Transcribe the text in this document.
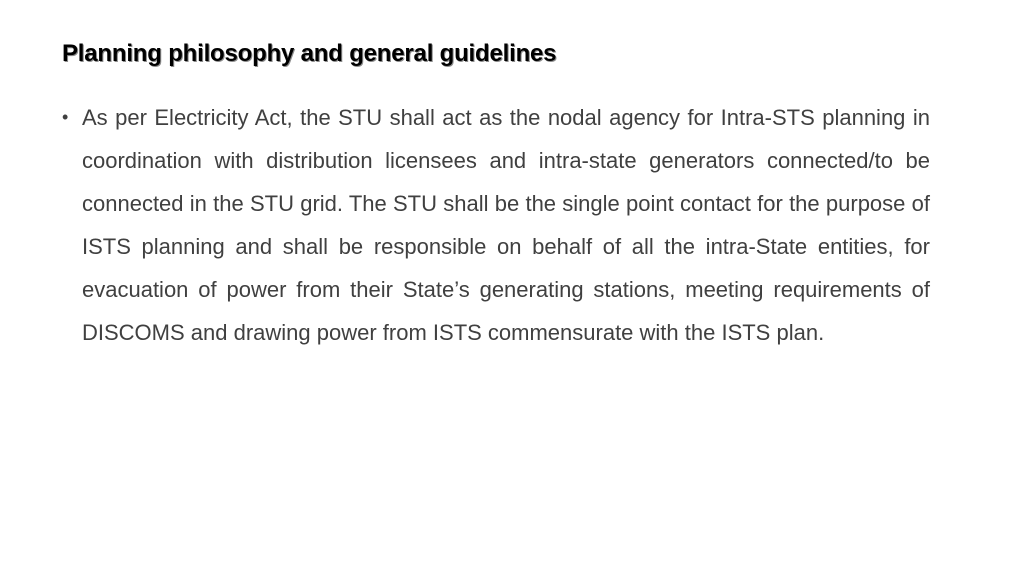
Planning philosophy and general guidelines
• As per Electricity Act, the STU shall act as the nodal agency for Intra-STS planning in coordination with distribution licensees and intra-state generators connected/to be connected in the STU grid. The STU shall be the single point contact for the purpose of ISTS planning and shall be responsible on behalf of all the intra-State entities, for evacuation of power from their State’s generating stations, meeting requirements of DISCOMS and drawing power from ISTS commensurate with the ISTS plan.
